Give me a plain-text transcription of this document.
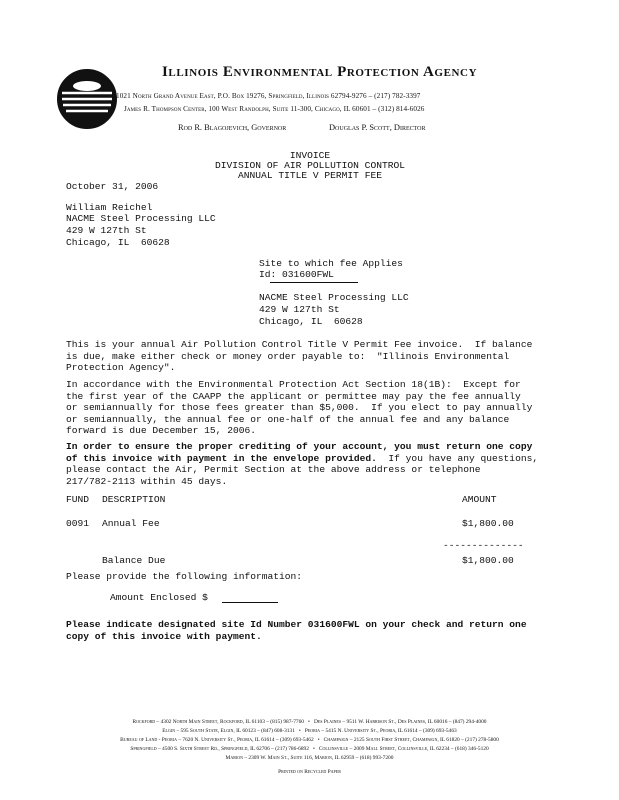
Illinois Environmental Protection Agency
1021 North Grand Avenue East, P.O. Box 19276, Springfield, Illinois 62794-9276 – (217) 782-3397
James R. Thompson Center, 100 West Randolph, Suite 11-300, Chicago, IL 60601 – (312) 814-6026
Rod R. Blagojevich, Governor	Douglas P. Scott, Director
INVOICE
DIVISION OF AIR POLLUTION CONTROL
ANNUAL TITLE V PERMIT FEE
October 31, 2006
William Reichel
NACME Steel Processing LLC
429 W 127th St
Chicago, IL  60628
Site to which fee Applies
Id: 031600FWL
NACME Steel Processing LLC
429 W 127th St
Chicago, IL  60628
This is your annual Air Pollution Control Title V Permit Fee invoice.  If balance
is due, make either check or money order payable to:  "Illinois Environmental
Protection Agency".
In accordance with the Environmental Protection Act Section 18(1B):  Except for
the first year of the CAAPP the applicant or permittee may pay the fee annually
or semiannually for those fees greater than $5,000.  If you elect to pay annually
or semiannually, the annual fee or one-half of the annual fee and any balance
forward is due December 15, 2006.
In order to ensure the proper crediting of your account, you must return one copy
of this invoice with payment in the envelope provided.  If you have any questions,
please contact the Air, Permit Section at the above address or telephone
217/782-2113 within 45 days.
FUND DESCRIPTION	AMOUNT
0091 Annual Fee	$1,800.00
--------------
Balance Due	$1,800.00
Please provide the following information:
Amount Enclosed $
Please indicate designated site Id Number 031600FWL on your check and return one
copy of this invoice with payment.
Rockford – 4302 North Main Street, Rockford, IL 61103 – (815) 987-7760   •   Des Plaines – 9511 W. Harrison St., Des Plaines, IL 60016 – (847) 294-4000
Elgin – 595 South State, Elgin, IL 60123 – (847) 608-3131   •   Peoria – 5415 N. University St., Peoria, IL 61614 – (309) 693-5463
Bureau of Land - Peoria – 7620 N. University St., Peoria, IL 61614 – (309) 693-5462   •   Champaign – 2125 South First Street, Champaign, IL 61820 – (217) 278-5800
Springfield – 4500 S. Sixth Street Rd., Springfield, IL 62706 – (217) 786-6892   •   Collinsville – 2009 Mall Street, Collinsville, IL 62234 – (618) 346-5120
Marion – 2309 W. Main St., Suite 116, Marion, IL 62959 – (618) 993-7200
Printed on Recycled Paper
